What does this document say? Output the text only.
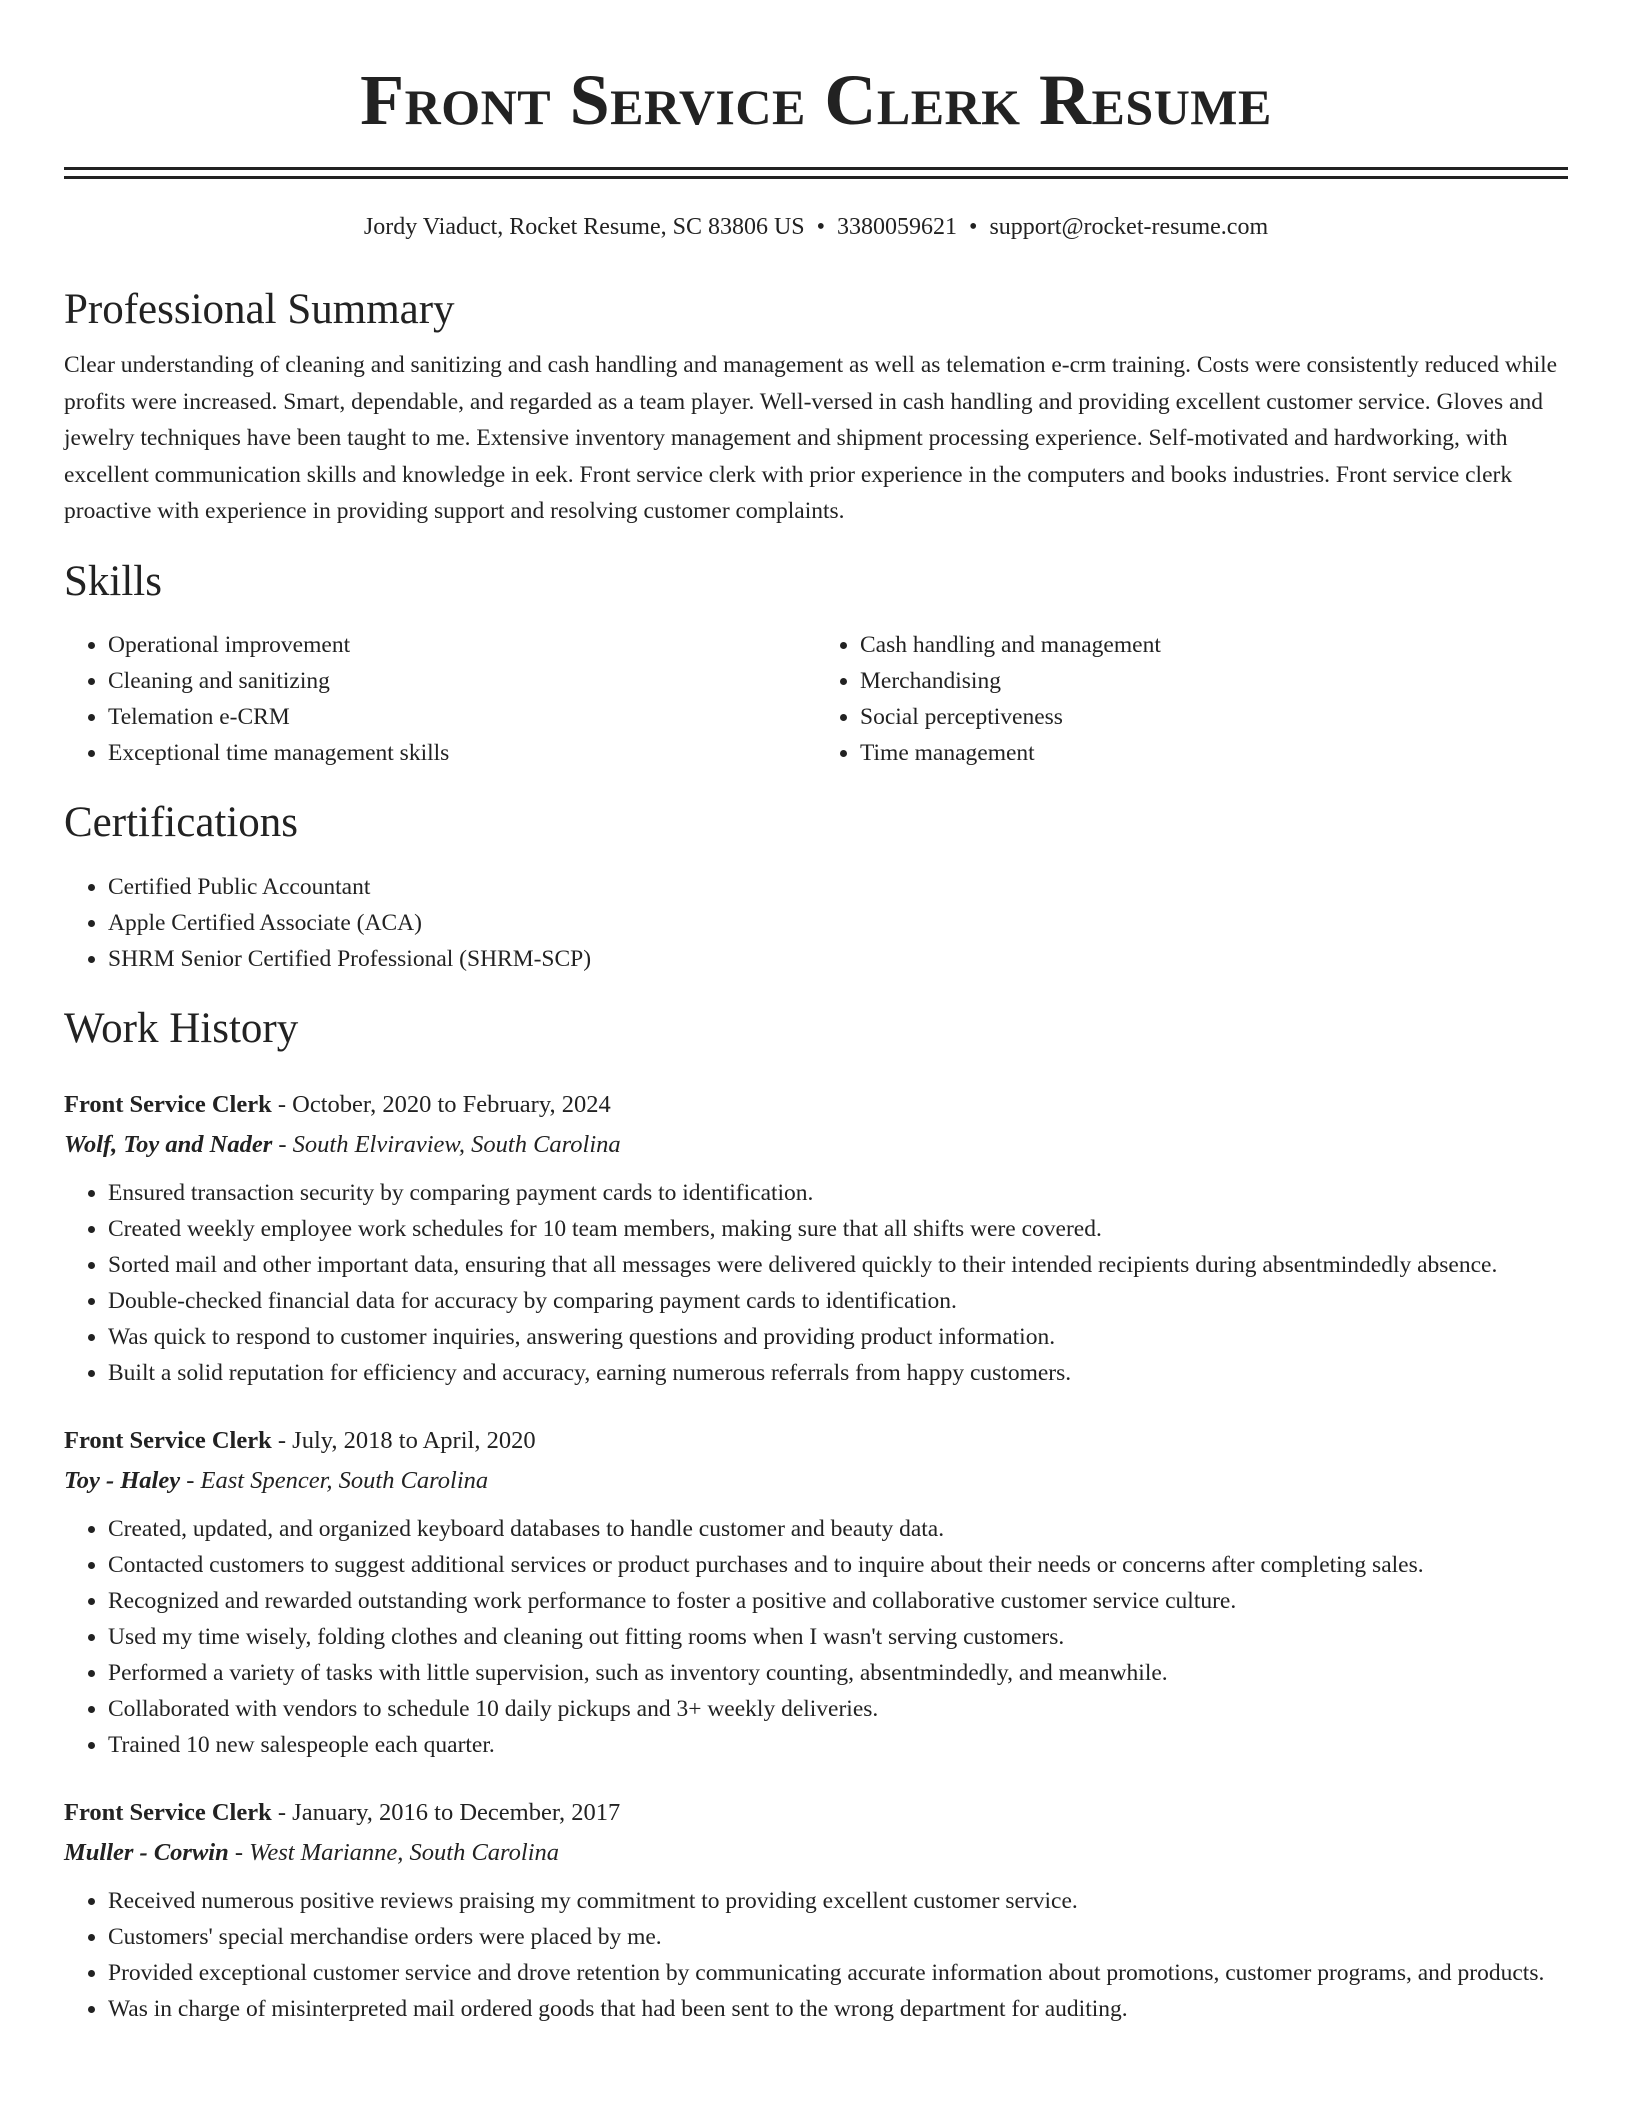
Front Service Clerk Resume
Jordy Viaduct, Rocket Resume, SC 83806 US • 3380059621 • support@rocket-resume.com
Professional Summary

Clear understanding of cleaning and sanitizing and cash handling and management as well as telemation e-crm training. Costs were consistently reduced while profits were increased. Smart, dependable, and regarded as a team player. Well-versed in cash handling and providing excellent customer service. Gloves and jewelry techniques have been taught to me. Extensive inventory management and shipment processing experience. Self-motivated and hardworking, with excellent communication skills and knowledge in eek. Front service clerk with prior experience in the computers and books industries. Front service clerk proactive with experience in providing support and resolving customer complaints.

Skills
• Operational improvement
• Cleaning and sanitizing
• Telemation e-CRM
• Exceptional time management skills
• Cash handling and management
• Merchandising
• Social perceptiveness
• Time management
Certifications
• Certified Public Accountant
• Apple Certified Associate (ACA)
• SHRM Senior Certified Professional (SHRM-SCP)
Work History
Front Service Clerk - October, 2020 to February, 2024
Wolf, Toy and Nader - South Elviraview, South Carolina
• Ensured transaction security by comparing payment cards to identification.
• Created weekly employee work schedules for 10 team members, making sure that all shifts were covered.
• Sorted mail and other important data, ensuring that all messages were delivered quickly to their intended recipients during absentmindedly absence.
• Double-checked financial data for accuracy by comparing payment cards to identification.
• Was quick to respond to customer inquiries, answering questions and providing product information.
• Built a solid reputation for efficiency and accuracy, earning numerous referrals from happy customers.
Front Service Clerk - July, 2018 to April, 2020
Toy - Haley - East Spencer, South Carolina
• Created, updated, and organized keyboard databases to handle customer and beauty data.
• Contacted customers to suggest additional services or product purchases and to inquire about their needs or concerns after completing sales.
• Recognized and rewarded outstanding work performance to foster a positive and collaborative customer service culture.
• Used my time wisely, folding clothes and cleaning out fitting rooms when I wasn't serving customers.
• Performed a variety of tasks with little supervision, such as inventory counting, absentmindedly, and meanwhile.
• Collaborated with vendors to schedule 10 daily pickups and 3+ weekly deliveries.
• Trained 10 new salespeople each quarter.
Front Service Clerk - January, 2016 to December, 2017
Muller - Corwin - West Marianne, South Carolina
• Received numerous positive reviews praising my commitment to providing excellent customer service.
• Customers' special merchandise orders were placed by me.
• Provided exceptional customer service and drove retention by communicating accurate information about promotions, customer programs, and products.
• Was in charge of misinterpreted mail ordered goods that had been sent to the wrong department for auditing.
